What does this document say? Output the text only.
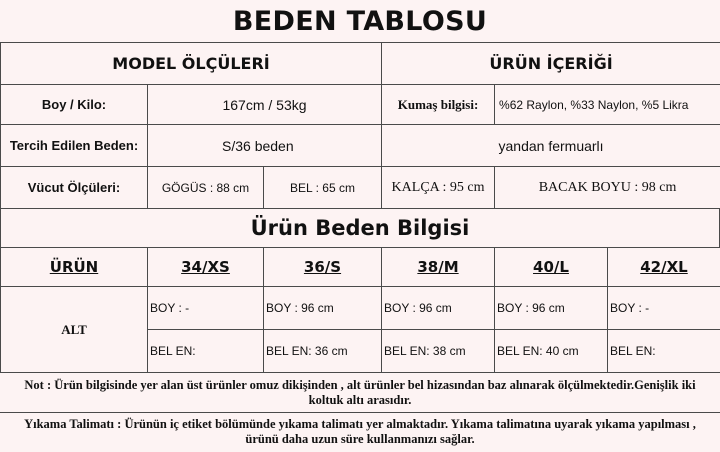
BEDEN TABLOSU
MODEL ÖLÇÜLERİ			ÜRÜN İÇERİĞİ	
Boy / Kilo:	167cm / 53kg		Kumaş bilgisi:	%62 Raylon, %33 Naylon, %5 Likra
Tercih Edilen Beden:	S/36 beden		yandan fermuarlı	
Vücut Ölçüleri:	GÖGÜS : 88 cm	BEL : 65 cm	KALÇA : 95 cm	BACAK BOYU : 98 cm
Ürün Beden Bilgisi
ÜRÜN	34/XS	36/S	38/M	40/L	42/XL
ALT	BOY : -	BOY : 96 cm	BOY : 96 cm	BOY : 96 cm	BOY : -
	BEL EN:	BEL EN: 36 cm	BEL EN: 38 cm	BEL EN: 40 cm	BEL EN:
Not : Ürün bilgisinde yer alan üst ürünler omuz dikişinden , alt ürünler bel hizasından baz alınarak ölçülmektedir.Genişlik iki koltuk altı arasıdır.
Yıkama Talimatı : Ürünün iç etiket bölümünde yıkama talimatı yer almaktadır. Yıkama talimatına uyarak yıkama yapılması , ürünü daha uzun süre kullanmanızı sağlar.
